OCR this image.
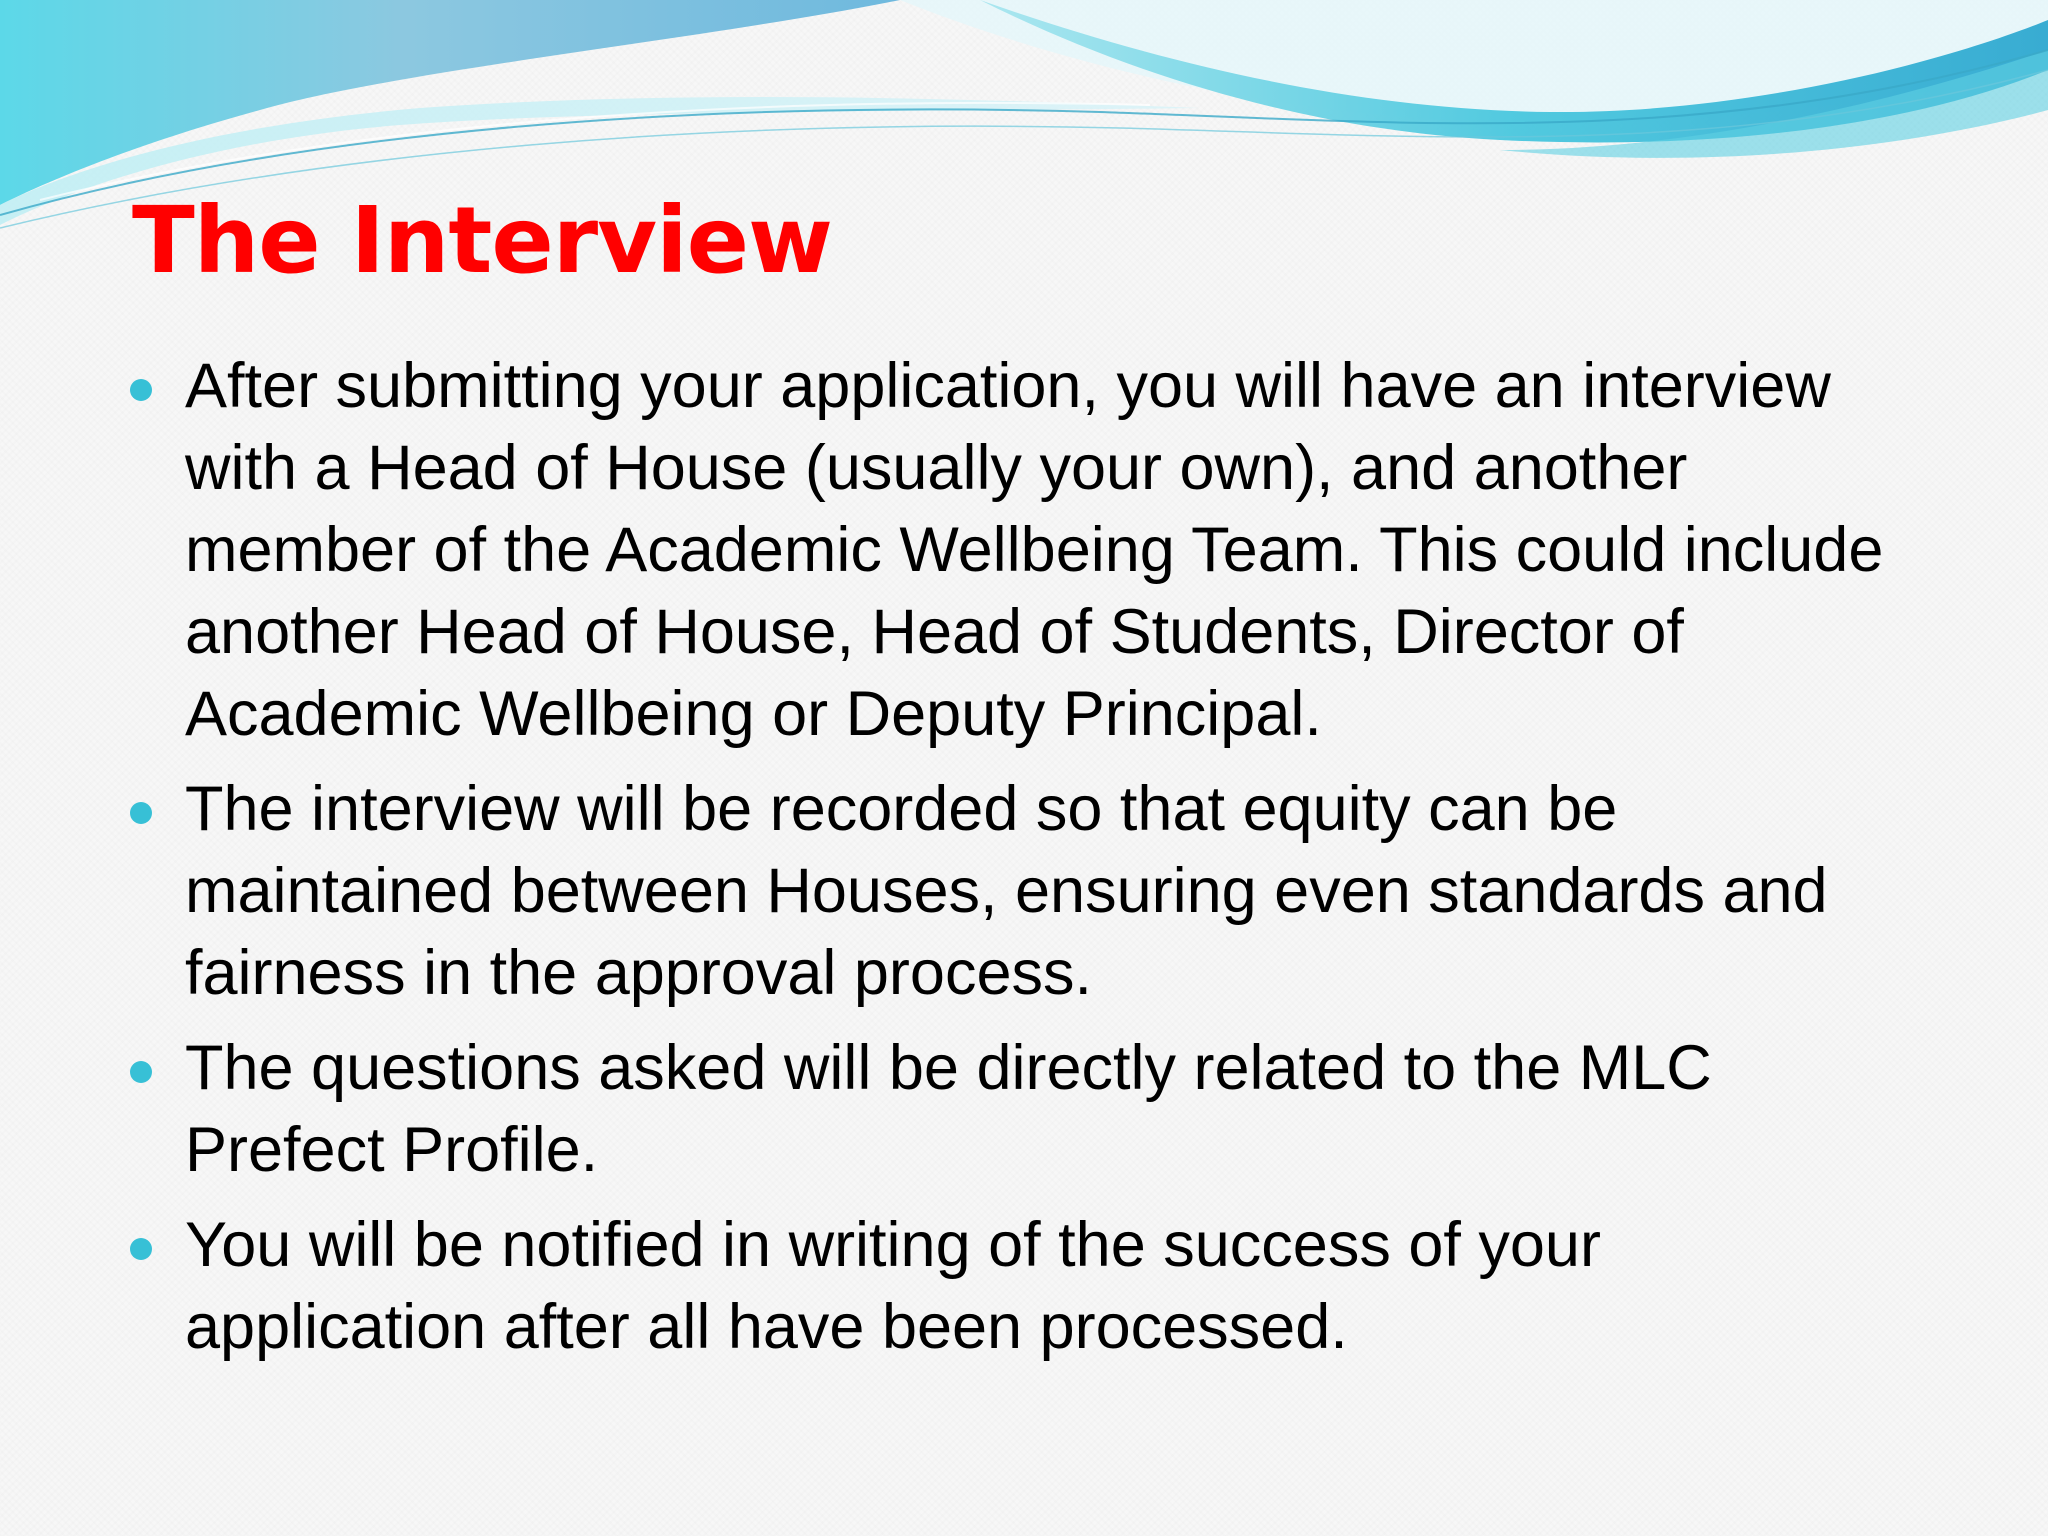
The Interview
After submitting your application, you will have an interview with a Head of House (usually your own), and another member of the Academic Wellbeing Team. This could include another Head of House, Head of Students, Director of Academic Wellbeing or Deputy Principal.
The interview will be recorded so that equity can be maintained between Houses, ensuring even standards and fairness in the approval process.
The questions asked will be directly related to the MLC Prefect Profile.
You will be notified in writing of the success of your application after all have been processed.
